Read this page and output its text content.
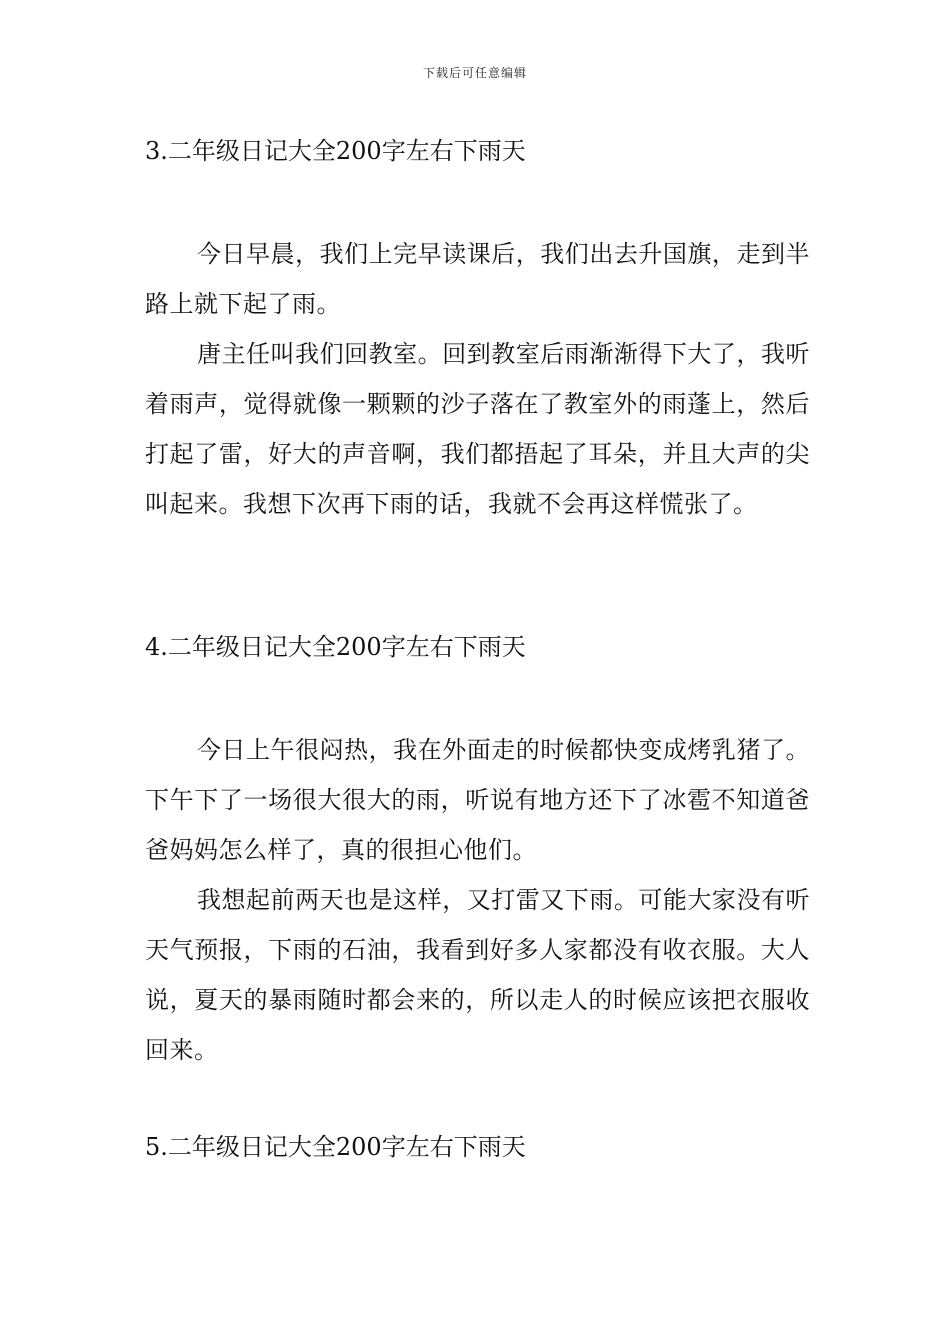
下载后可任意编辑
3.二年级日记大全200字左右下雨天

今日早晨，我们上完早读课后，我们出去升国旗，走到半路上就下起了雨。

唐主任叫我们回教室。回到教室后雨渐渐得下大了，我听着雨声，觉得就像一颗颗的沙子落在了教室外的雨蓬上，然后打起了雷，好大的声音啊，我们都捂起了耳朵，并且大声的尖叫起来。我想下次再下雨的话，我就不会再这样慌张了。

4.二年级日记大全200字左右下雨天

今日上午很闷热，我在外面走的时候都快变成烤乳猪了。下午下了一场很大很大的雨，听说有地方还下了冰雹不知道爸爸妈妈怎么样了，真的很担心他们。

我想起前两天也是这样，又打雷又下雨。可能大家没有听天气预报，下雨的石油，我看到好多人家都没有收衣服。大人说，夏天的暴雨随时都会来的，所以走人的时候应该把衣服收回来。

5.二年级日记大全200字左右下雨天
